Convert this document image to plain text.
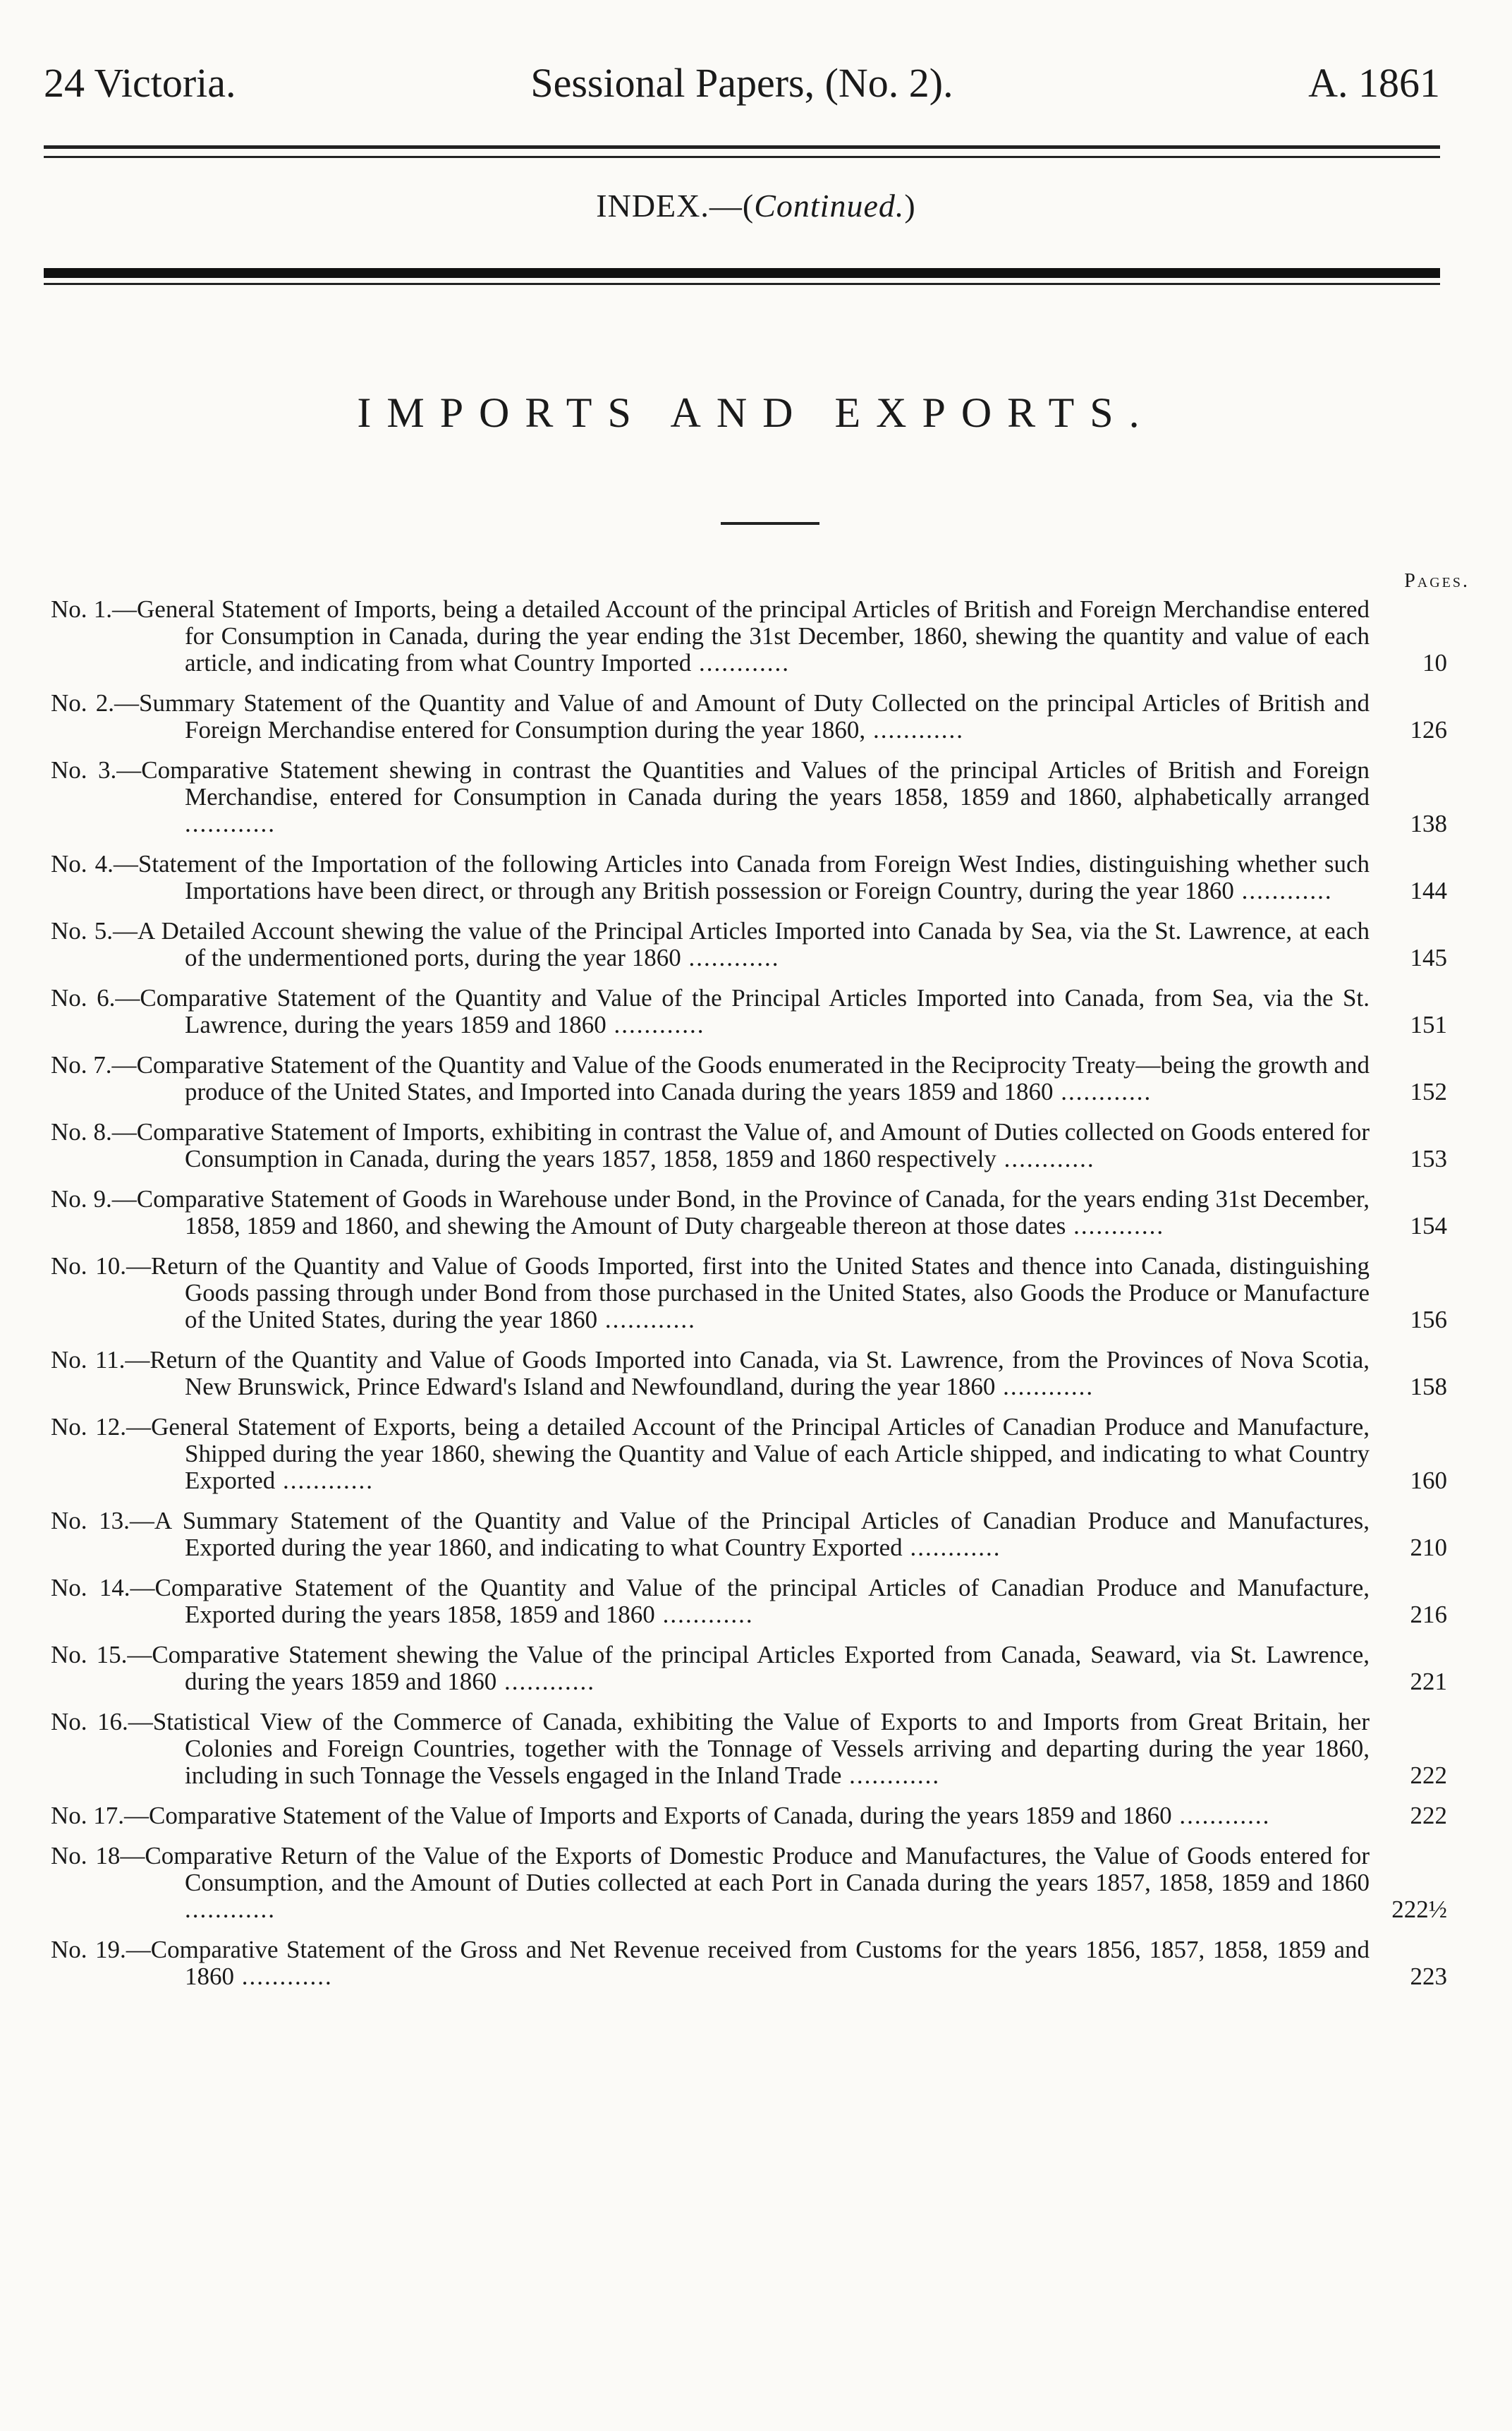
24 Victoria.	Sessional Papers, (No. 2).	A. 1861
INDEX.—(Continued.)
IMPORTS AND EXPORTS.
Pages.
No. 1.—General Statement of Imports, being a detailed Account of the principal Articles of British and Foreign Merchandise entered for Consumption in Canada, during the year ending the 31st December, 1860, shewing the quantity and value of each article, and indicating from what Country Imported ............	10
No. 2.—Summary Statement of the Quantity and Value of and Amount of Duty Collected on the principal Articles of British and Foreign Merchandise entered for Consumption during the year 1860, ............	126
No. 3.—Comparative Statement shewing in contrast the Quantities and Values of the principal Articles of British and Foreign Merchandise, entered for Consumption in Canada during the years 1858, 1859 and 1860, alphabetically arranged ............	138
No. 4.—Statement of the Importation of the following Articles into Canada from Foreign West Indies, distinguishing whether such Importations have been direct, or through any British possession or Foreign Country, during the year 1860 ............	144
No. 5.—A Detailed Account shewing the value of the Principal Articles Imported into Canada by Sea, via the St. Lawrence, at each of the undermentioned ports, during the year 1860 ............	145
No. 6.—Comparative Statement of the Quantity and Value of the Principal Articles Imported into Canada, from Sea, via the St. Lawrence, during the years 1859 and 1860 ............	151
No. 7.—Comparative Statement of the Quantity and Value of the Goods enumerated in the Reciprocity Treaty—being the growth and produce of the United States, and Imported into Canada during the years 1859 and 1860 ............	152
No. 8.—Comparative Statement of Imports, exhibiting in contrast the Value of, and Amount of Duties collected on Goods entered for Consumption in Canada, during the years 1857, 1858, 1859 and 1860 respectively ............	153
No. 9.—Comparative Statement of Goods in Warehouse under Bond, in the Province of Canada, for the years ending 31st December, 1858, 1859 and 1860, and shewing the Amount of Duty chargeable thereon at those dates ............	154
No. 10.—Return of the Quantity and Value of Goods Imported, first into the United States and thence into Canada, distinguishing Goods passing through under Bond from those purchased in the United States, also Goods the Produce or Manufacture of the United States, during the year 1860 ............	156
No. 11.—Return of the Quantity and Value of Goods Imported into Canada, via St. Lawrence, from the Provinces of Nova Scotia, New Brunswick, Prince Edward's Island and Newfoundland, during the year 1860 ............	158
No. 12.—General Statement of Exports, being a detailed Account of the Principal Articles of Canadian Produce and Manufacture, Shipped during the year 1860, shewing the Quantity and Value of each Article shipped, and indicating to what Country Exported ............	160
No. 13.—A Summary Statement of the Quantity and Value of the Principal Articles of Canadian Produce and Manufactures, Exported during the year 1860, and indicating to what Country Exported ............	210
No. 14.—Comparative Statement of the Quantity and Value of the principal Articles of Canadian Produce and Manufacture, Exported during the years 1858, 1859 and 1860 ............	216
No. 15.—Comparative Statement shewing the Value of the principal Articles Exported from Canada, Seaward, via St. Lawrence, during the years 1859 and 1860 ............	221
No. 16.—Statistical View of the Commerce of Canada, exhibiting the Value of Exports to and Imports from Great Britain, her Colonies and Foreign Countries, together with the Tonnage of Vessels arriving and departing during the year 1860, including in such Tonnage the Vessels engaged in the Inland Trade ............	222
No. 17.—Comparative Statement of the Value of Imports and Exports of Canada, during the years 1859 and 1860 ............	222
No. 18—Comparative Return of the Value of the Exports of Domestic Produce and Manufactures, the Value of Goods entered for Consumption, and the Amount of Duties collected at each Port in Canada during the years 1857, 1858, 1859 and 1860 ............	222½
No. 19.—Comparative Statement of the Gross and Net Revenue received from Customs for the years 1856, 1857, 1858, 1859 and 1860 ............	223
